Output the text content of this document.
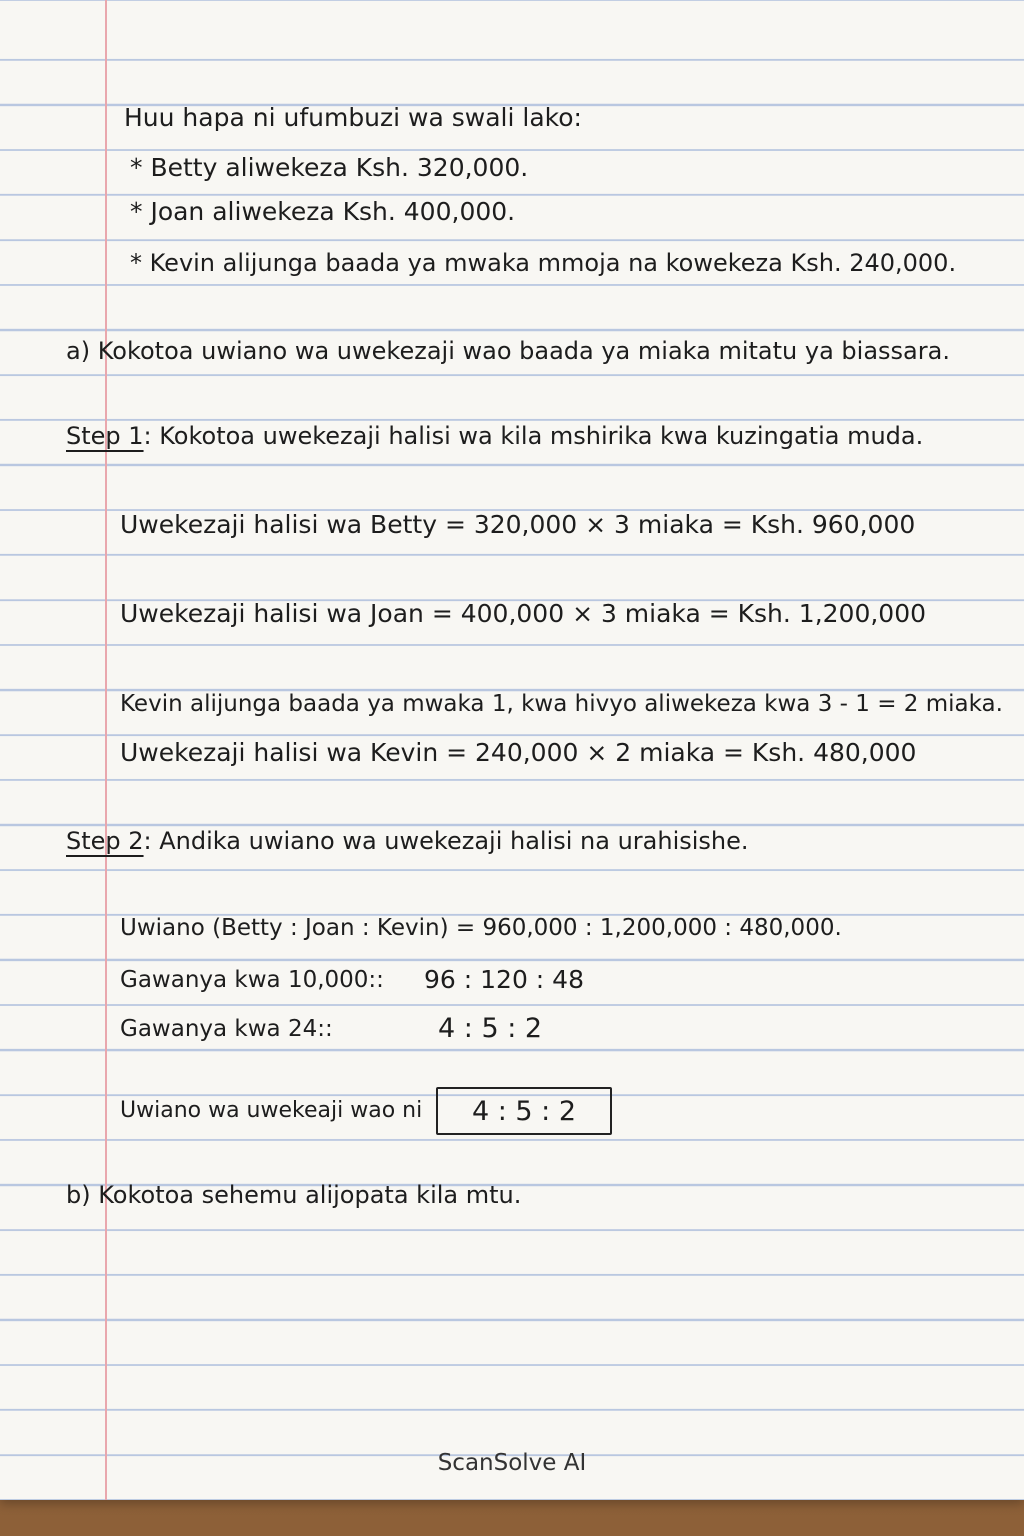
Huu hapa ni ufumbuzi wa swali lako:
* Betty aliwekeza Ksh. 320,000.
* Joan aliwekeza Ksh. 400,000.
* Kevin alijunga baada ya mwaka mmoja na kowekeza Ksh. 240,000.
a) Kokotoa uwiano wa uwekezaji wao baada ya miaka mitatu ya biassara.
Step 1: Kokotoa uwekezaji halisi wa kila mshirika kwa kuzingatia muda.
Uwekezaji halisi wa Betty = 320,000 × 3 miaka = Ksh. 960,000
Uwekezaji halisi wa Joan = 400,000 × 3 miaka = Ksh. 1,200,000
Kevin alijunga baada ya mwaka 1, kwa hivyo aliwekeza kwa 3 - 1 = 2 miaka.
Uwekezaji halisi wa Kevin = 240,000 × 2 miaka = Ksh. 480,000
Step 2: Andika uwiano wa uwekezaji halisi na urahisishe.
Uwiano (Betty : Joan : Kevin) = 960,000 : 1,200,000 : 480,000.
Gawanya kwa 10,000:: 96 : 120 : 48
Gawanya kwa 24::	4 : 5 : 2
Uwiano wa uwekeaji wao ni 4 : 5 : 2
b) Kokotoa sehemu alijopata kila mtu.
ScanSolve AI
